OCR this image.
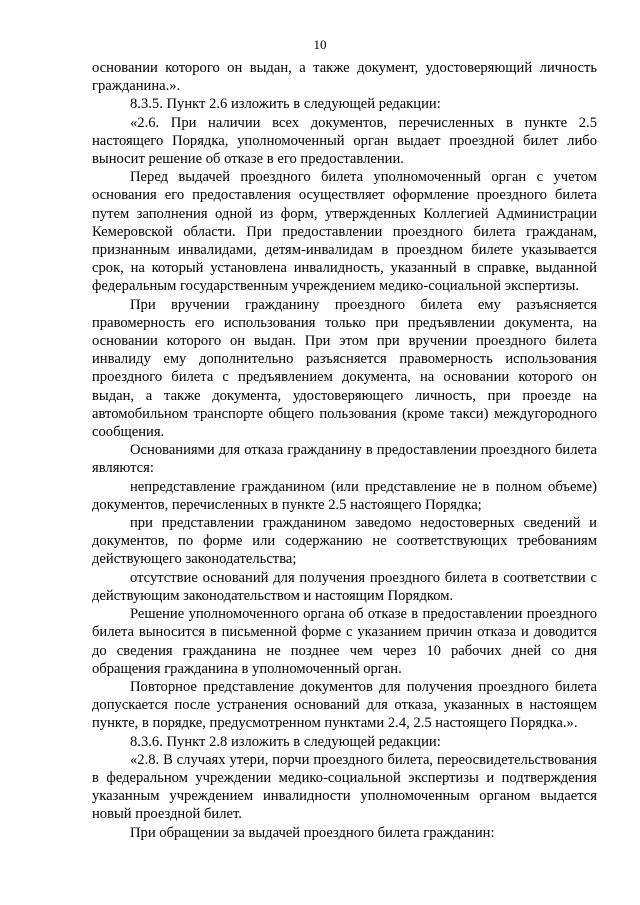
10

основании которого он выдан, а также документ, удостоверяющий личность гражданина.».

8.3.5. Пункт 2.6 изложить в следующей редакции:

«2.6. При наличии всех документов, перечисленных в пункте 2.5 настоящего Порядка, уполномоченный орган выдает проездной билет либо выносит решение об отказе в его предоставлении.

Перед выдачей проездного билета уполномоченный орган с учетом основания его предоставления осуществляет оформление проездного билета путем заполнения одной из форм, утвержденных Коллегией Администрации Кемеровской области. При предоставлении проездного билета гражданам, признанным инвалидами, детям-инвалидам в проездном билете указывается срок, на который установлена инвалидность, указанный в справке, выданной федеральным государственным учреждением медико-социальной экспертизы.

При вручении гражданину проездного билета ему разъясняется правомерность его использования только при предъявлении документа, на основании которого он выдан. При этом при вручении проездного билета инвалиду ему дополнительно разъясняется правомерность использования проездного билета с предъявлением документа, на основании которого он выдан, а также документа, удостоверяющего личность, при проезде на автомобильном транспорте общего пользования (кроме такси) междугородного сообщения.

Основаниями для отказа гражданину в предоставлении проездного билета являются:

непредставление гражданином (или представление не в полном объеме) документов, перечисленных в пункте 2.5 настоящего Порядка;

при представлении гражданином заведомо недостоверных сведений и документов, по форме или содержанию не соответствующих требованиям действующего законодательства;

отсутствие оснований для получения проездного билета в соответствии с действующим законодательством и настоящим Порядком.

Решение уполномоченного органа об отказе в предоставлении проездного билета выносится в письменной форме с указанием причин отказа и доводится до сведения гражданина не позднее чем через 10 рабочих дней со дня обращения гражданина в уполномоченный орган.

Повторное представление документов для получения проездного билета допускается после устранения оснований для отказа, указанных в настоящем пункте, в порядке, предусмотренном пунктами 2.4, 2.5 настоящего Порядка.».

8.3.6. Пункт 2.8 изложить в следующей редакции:

«2.8. В случаях утери, порчи проездного билета, переосвидетельствования в федеральном учреждении медико-социальной экспертизы и подтверждения указанным учреждением инвалидности уполномоченным органом выдается новый проездной билет.

При обращении за выдачей проездного билета гражданин:
